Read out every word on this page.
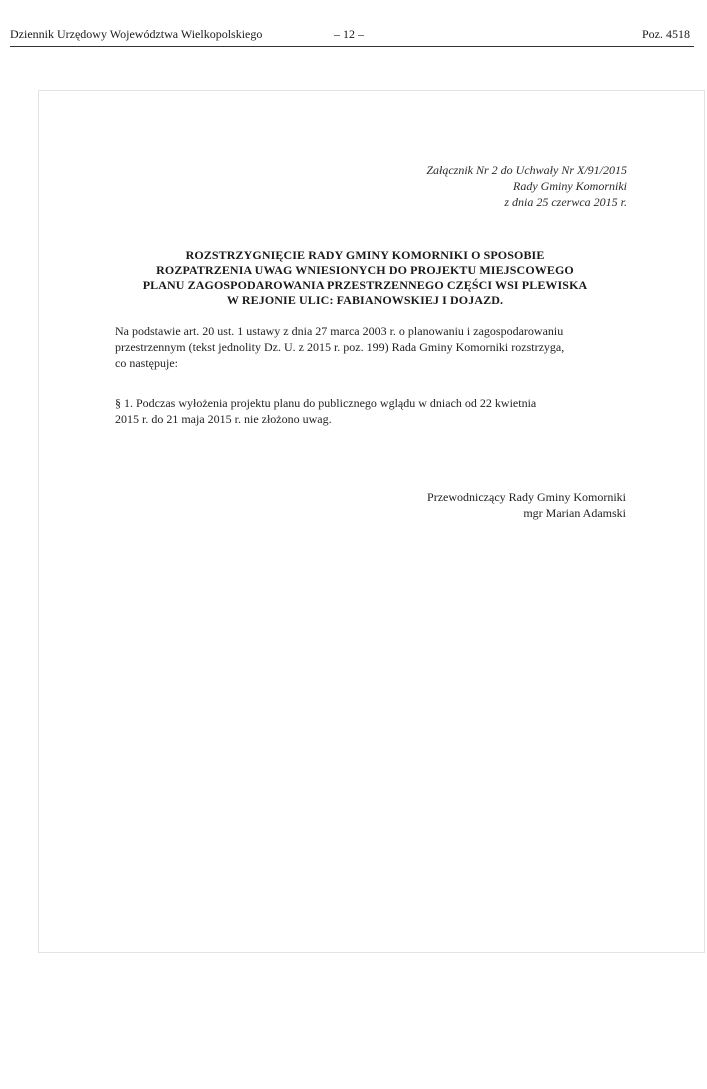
Dziennik Urzędowy Województwa Wielkopolskiego	– 12 –	Poz. 4518
Załącznik Nr 2 do Uchwały Nr X/91/2015
Rady Gminy Komorniki
z dnia 25 czerwca 2015 r.
ROZSTRZYGNIĘCIE RADY GMINY KOMORNIKI O SPOSOBIE
ROZPATRZENIA UWAG WNIESIONYCH DO PROJEKTU MIEJSCOWEGO
PLANU ZAGOSPODAROWANIA PRZESTRZENNEGO CZĘŚCI WSI PLEWISKA
W REJONIE ULIC: FABIANOWSKIEJ I DOJAZD.
Na podstawie art. 20 ust. 1 ustawy z dnia 27 marca 2003 r. o planowaniu i zagospodarowaniu
przestrzennym (tekst jednolity Dz. U. z 2015 r. poz. 199) Rada Gminy Komorniki rozstrzyga,
co następuje:
§ 1. Podczas wyłożenia projektu planu do publicznego wglądu w dniach od 22 kwietnia
2015 r. do 21 maja 2015 r. nie złożono uwag.
Przewodniczący Rady Gminy Komorniki
mgr Marian Adamski
